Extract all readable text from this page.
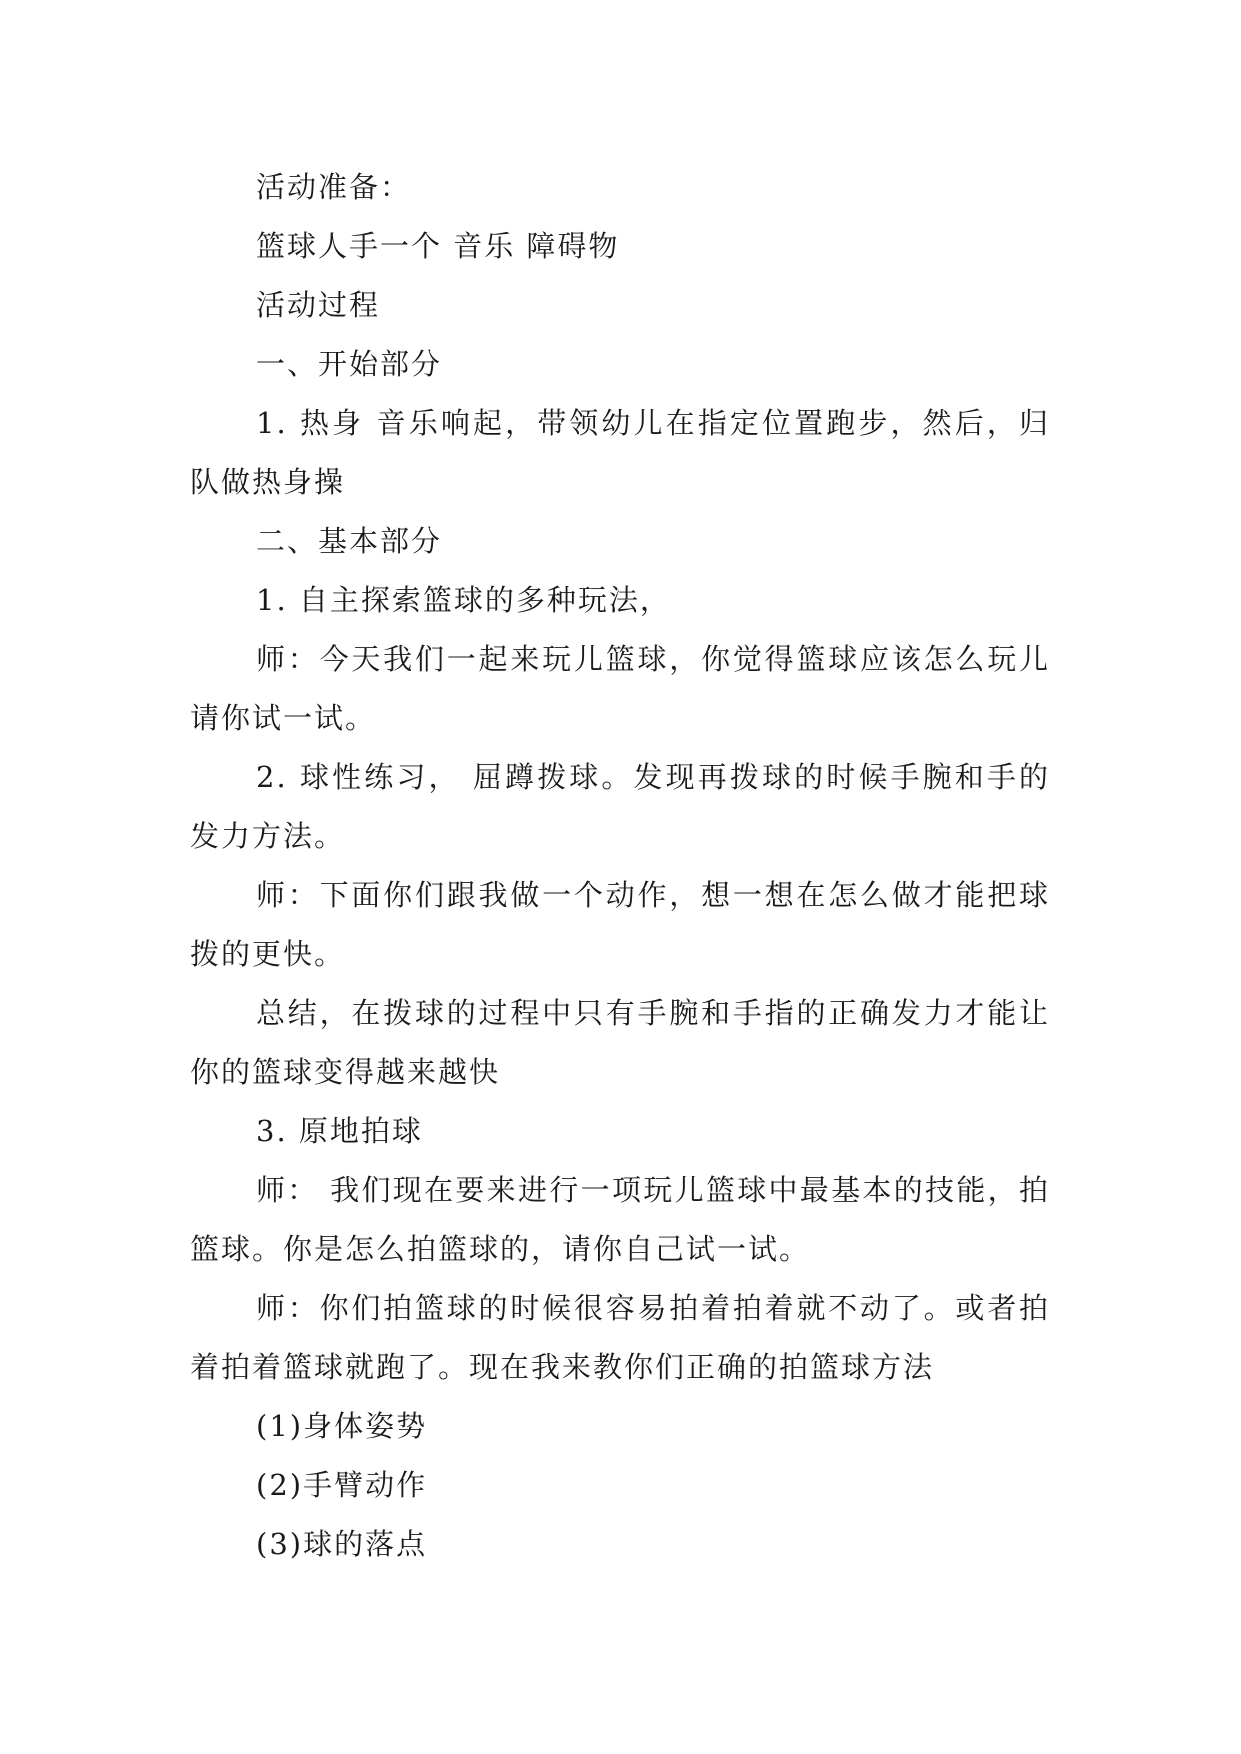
活动准备：

篮球人手一个 音乐 障碍物

活动过程

一、开始部分

1. 热身 音乐响起，带领幼儿在指定位置跑步，然后，归队做热身操

二、基本部分

1. 自主探索篮球的多种玩法，

师：今天我们一起来玩儿篮球，你觉得篮球应该怎么玩儿请你试一试。

2. 球性练习， 屈蹲拨球。发现再拨球的时候手腕和手的发力方法。

师：下面你们跟我做一个动作，想一想在怎么做才能把球拨的更快。

总结，在拨球的过程中只有手腕和手指的正确发力才能让你的篮球变得越来越快

3. 原地拍球

师： 我们现在要来进行一项玩儿篮球中最基本的技能，拍篮球。你是怎么拍篮球的，请你自己试一试。

师：你们拍篮球的时候很容易拍着拍着就不动了。或者拍着拍着篮球就跑了。现在我来教你们正确的拍篮球方法

(1)身体姿势

(2)手臂动作

(3)球的落点
